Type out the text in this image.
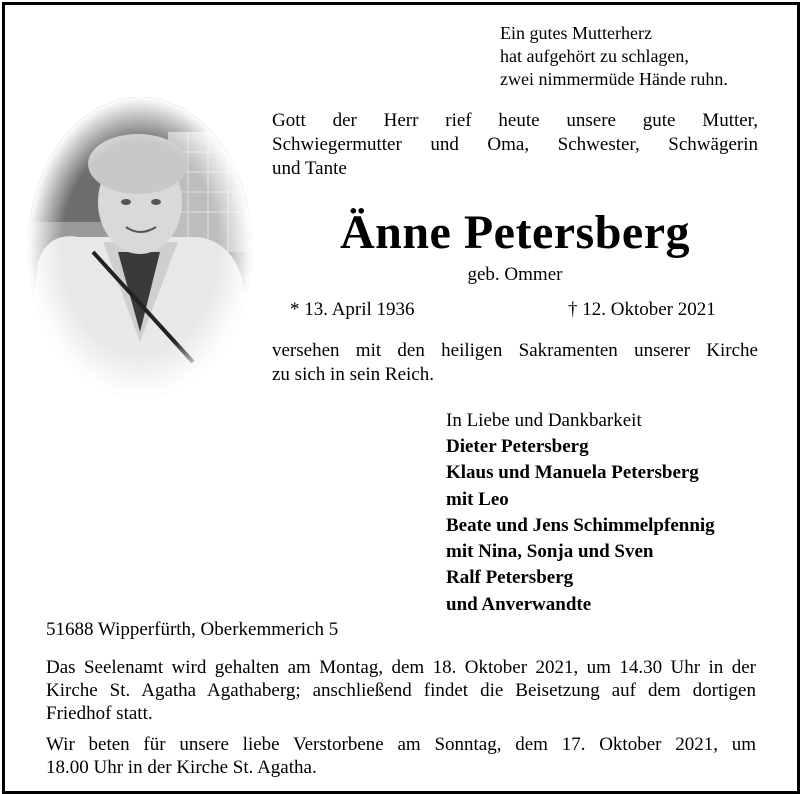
Ein gutes Mutterherz
hat aufgehört zu schlagen,
zwei nimmermüde Hände ruhn.
Gott der Herr rief heute unsere gute Mutter,
Schwiegermutter und Oma, Schwester, Schwägerin
und Tante
Änne Petersberg
geb. Ommer
* 13. April 1936	† 12. Oktober 2021
versehen mit den heiligen Sakramenten unserer Kirche
zu sich in sein Reich.
In Liebe und Dankbarkeit
Dieter Petersberg
Klaus und Manuela Petersberg
mit Leo
Beate und Jens Schimmelpfennig
mit Nina, Sonja und Sven
Ralf Petersberg
und Anverwandte
51688 Wipperfürth, Oberkemmerich 5
Das Seelenamt wird gehalten am Montag, dem 18. Oktober 2021, um 14.30 Uhr in der
Kirche St. Agatha Agathaberg; anschließend findet die Beisetzung auf dem dortigen
Friedhof statt.
Wir beten für unsere liebe Verstorbene am Sonntag, dem 17. Oktober 2021, um
18.00 Uhr in der Kirche St. Agatha.
